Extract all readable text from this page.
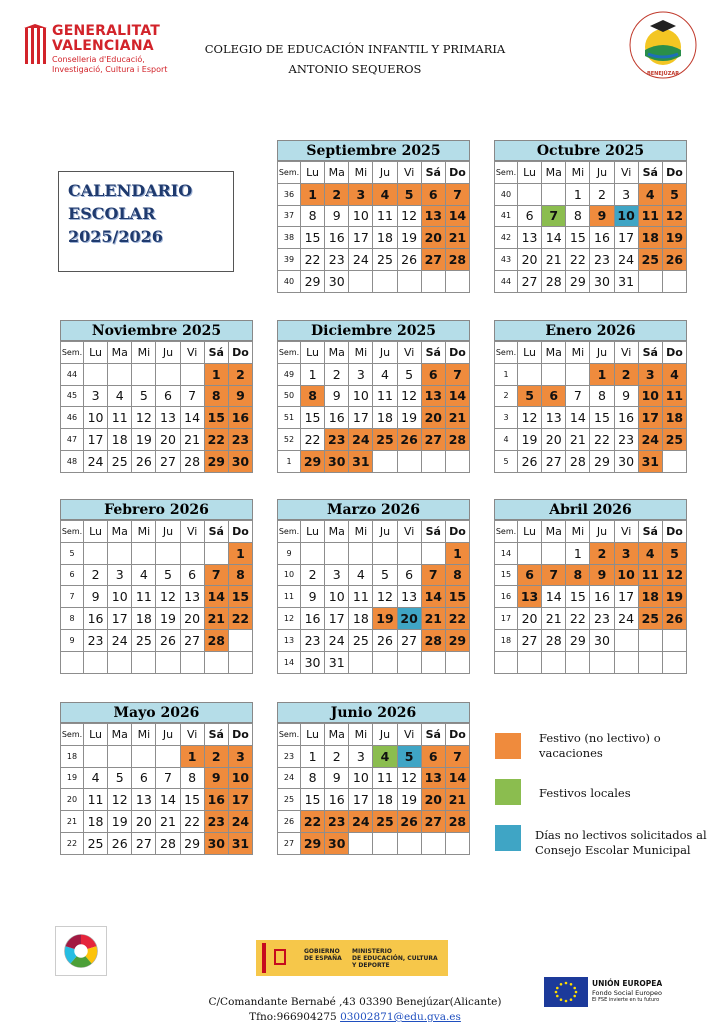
GENERALITAT
VALENCIANA
Conselleria d'Educació,
Investigació, Cultura i Esport
COLEGIO DE EDUCACIÓN INFANTIL Y PRIMARIA
ANTONIO SEQUEROS	BENEJÚZAR
CALENDARIO
ESCOLAR
2025/2026
Septiembre 2025
Sem.	Lu	Ma	Mi	Ju	Vi	Sá	Do
36	1	2	3	4	5	6	7
37	8	9	10	11	12	13	14
38	15	16	17	18	19	20	21
39	22	23	24	25	26	27	28
40	29	30					
Octubre 2025
Sem.	Lu	Ma	Mi	Ju	Vi	Sá	Do
40			1	2	3	4	5
41	6	7	8	9	10	11	12
42	13	14	15	16	17	18	19
43	20	21	22	23	24	25	26
44	27	28	29	30	31		
Noviembre 2025
Sem.	Lu	Ma	Mi	Ju	Vi	Sá	Do
44						1	2
45	3	4	5	6	7	8	9
46	10	11	12	13	14	15	16
47	17	18	19	20	21	22	23
48	24	25	26	27	28	29	30
Diciembre 2025
Sem.	Lu	Ma	Mi	Ju	Vi	Sá	Do
49	1	2	3	4	5	6	7
50	8	9	10	11	12	13	14
51	15	16	17	18	19	20	21
52	22	23	24	25	26	27	28
1	29	30	31				
Enero 2026
Sem.	Lu	Ma	Mi	Ju	Vi	Sá	Do
1				1	2	3	4
2	5	6	7	8	9	10	11
3	12	13	14	15	16	17	18
4	19	20	21	22	23	24	25
5	26	27	28	29	30	31	
Febrero 2026
Sem.	Lu	Ma	Mi	Ju	Vi	Sá	Do
5							1
6	2	3	4	5	6	7	8
7	9	10	11	12	13	14	15
8	16	17	18	19	20	21	22
9	23	24	25	26	27	28	

Marzo 2026
Sem.	Lu	Ma	Mi	Ju	Vi	Sá	Do
9							1
10	2	3	4	5	6	7	8
11	9	10	11	12	13	14	15
12	16	17	18	19	20	21	22
13	23	24	25	26	27	28	29
14	30	31					
Abril 2026
Sem.	Lu	Ma	Mi	Ju	Vi	Sá	Do
14			1	2	3	4	5
15	6	7	8	9	10	11	12
16	13	14	15	16	17	18	19
17	20	21	22	23	24	25	26
18	27	28	29	30			

Mayo 2026
Sem.	Lu	Ma	Mi	Ju	Vi	Sá	Do
18					1	2	3
19	4	5	6	7	8	9	10
20	11	12	13	14	15	16	17
21	18	19	20	21	22	23	24
22	25	26	27	28	29	30	31
Junio 2026
Sem.	Lu	Ma	Mi	Ju	Vi	Sá	Do
23	1	2	3	4	5	6	7
24	8	9	10	11	12	13	14
25	15	16	17	18	19	20	21
26	22	23	24	25	26	27	28
27	29	30					
Festivo (no lectivo) o
vacaciones
Festivos locales
Días no lectivos solicitados al
Consejo Escolar Municipal
GOBIERNO
DE ESPAÑA
MINISTERIO
DE EDUCACIÓN, CULTURA
Y DEPORTE
UNIÓN EUROPEA
Fondo Social Europeo
El FSE invierte en tu futuro
C/Comandante Bernabé ,43 03390 Benejúzar(Alicante)
Tfno:966904275 03002871@edu.gva.es
